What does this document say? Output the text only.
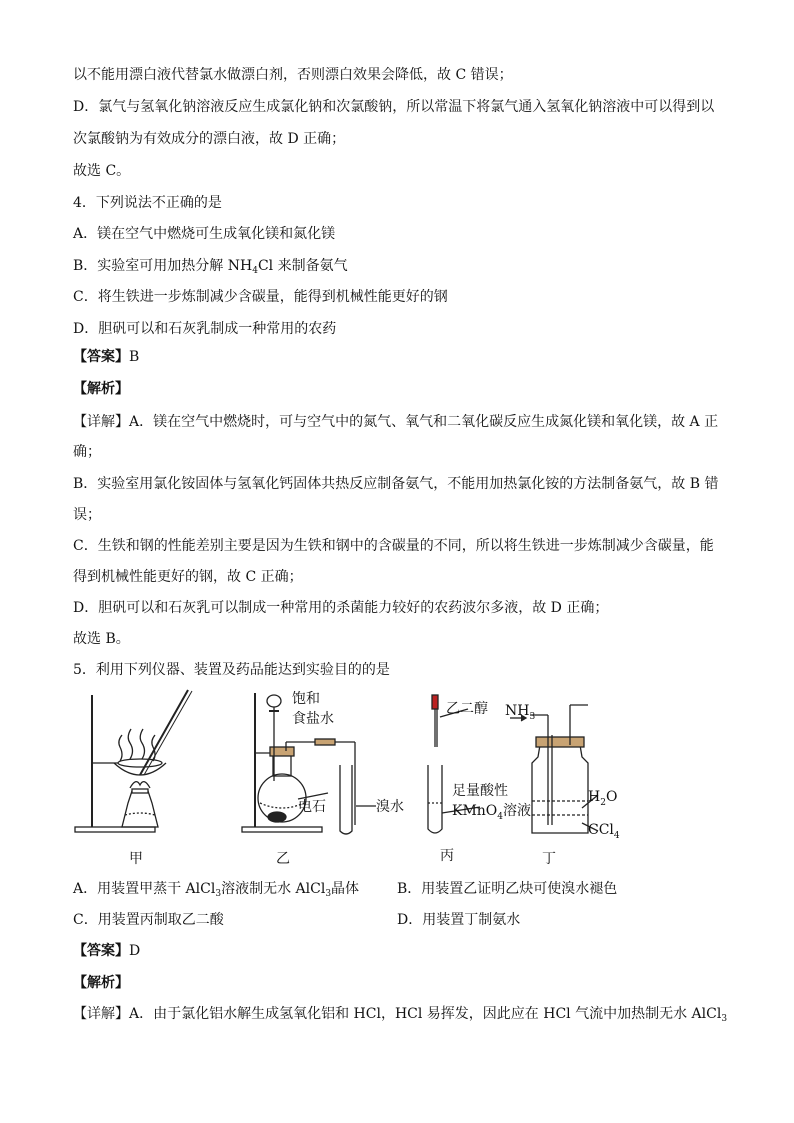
以不能用漂白液代替氯水做漂白剂，否则漂白效果会降低，故 C 错误；
D．氯气与氢氧化钠溶液反应生成氯化钠和次氯酸钠，所以常温下将氯气通入氢氧化钠溶液中可以得到以
次氯酸钠为有效成分的漂白液，故 D 正确；
故选 C。
4．下列说法不正确的是
A．镁在空气中燃烧可生成氧化镁和氮化镁
B．实验室可用加热分解 $NH_4Cl$ 来制备氨气
C．将生铁进一步炼制减少含碳量，能得到机械性能更好的钢
D．胆矾可以和石灰乳制成一种常用的农药
【答案】B
【解析】
【详解】A．镁在空气中燃烧时，可与空气中的氮气、氧气和二氧化碳反应生成氮化镁和氧化镁，故 A 正
确；
B．实验室用氯化铵固体与氢氧化钙固体共热反应制备氨气，不能用加热氯化铵的方法制备氨气，故 B 错
误；
C．生铁和钢的性能差别主要是因为生铁和钢中的含碳量的不同，所以将生铁进一步炼制减少含碳量，能
得到机械性能更好的钢，故 C 正确；
D．胆矾可以和石灰乳可以制成一种常用的杀菌能力较好的农药波尔多液，故 D 正确；
故选 B。
5．利用下列仪器、装置及药品能达到实验目的的是
甲	乙	丙	丁
饱和
食盐水
电石	溴水
乙二醇
足量酸性
KMnO$_4$溶液
$NH_3$
$H_2O$
CCl$_4$
A．用装置甲蒸干 AlCl$_3$溶液制无水 AlCl$_3$晶体	B．用装置乙证明乙炔可使溴水褪色
C．用装置丙制取乙二酸	D．用装置丁制氨水
【答案】D
【解析】
【详解】A．由于氯化铝水解生成氢氧化铝和 HCl，HCl 易挥发，因此应在 HCl 气流中加热制无水 AlCl$_3$
